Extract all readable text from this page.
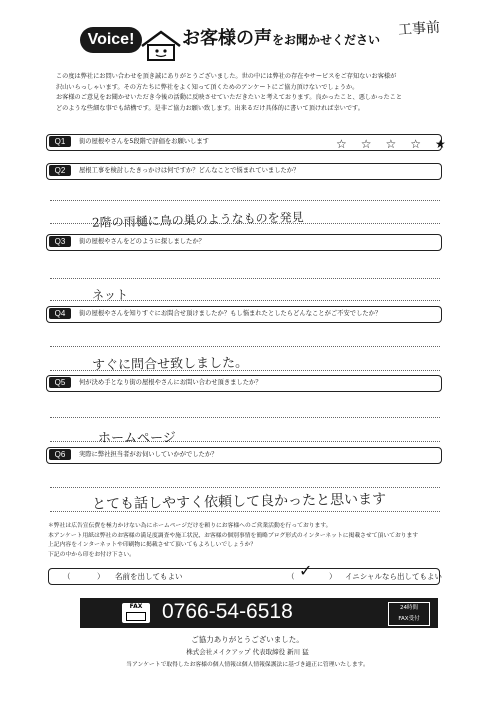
Voice!	お客様の声をお聞かせください
工事前
この度は弊社にお問い合わせを頂き誠にありがとうございました。世の中には弊社の存在やサービスをご存知ないお客様が
沢山いらっしゃいます。その方たちに弊社をよく知って頂くためのアンケートにご協力頂けないでしょうか。
お客様のご意見をお聞かせいただき今後の活動に反映させていただきたいと考えております。良かったこと、悪しかったこと
どのような些細な事でも結構です。是非ご協力お願い致します。出来るだけ具体的に書いて頂ければ幸いです。
Q1	街の屋根やさんを5段階で評価をお願いします	☆☆☆☆★
Q2	屋根工事を検討したきっかけは何ですか？どんなことで悩まれていましたか？
2階の雨樋に鳥の巣のようなものを発見
Q3	街の屋根やさんをどのように探しましたか？
ネット
Q4	街の屋根やさんを知りすぐにお問合せ頂けましたか？もし悩まれたとしたらどんなことがご不安でしたか？
すぐに問合せ致しました。
Q5	何が決め手となり街の屋根やさんにお問い合わせ頂きましたか？
ホームページ
Q6	実際に弊社担当者がお伺いしていかがでしたか？
とても話しやすく依頼して良かったと思います
＊弊社は広告宣伝費を極力かけない為にホームページだけを頼りにお客様へのご営業活動を行っております。
本アンケート用紙は弊社のお客様の満足度調査や施工状況、お客様の個別事情を簡略ブログ形式のインターネットに掲載させて頂いております
上記内容をインターネットや印刷物に掲載させて頂いてもよろしいでしょうか？
下記の中から印をお付け下さい。
（	） 名前を出してもよい	（ ✓ ） イニシャルなら出してもよい
FAX 0766-54-6518	24時間
FAX受付
ご協力ありがとうございました。
株式会社メイクアップ 代表取締役 新川 猛
当アンケートで取得したお客様の個人情報は個人情報保護法に基づき適正に管理いたします。
